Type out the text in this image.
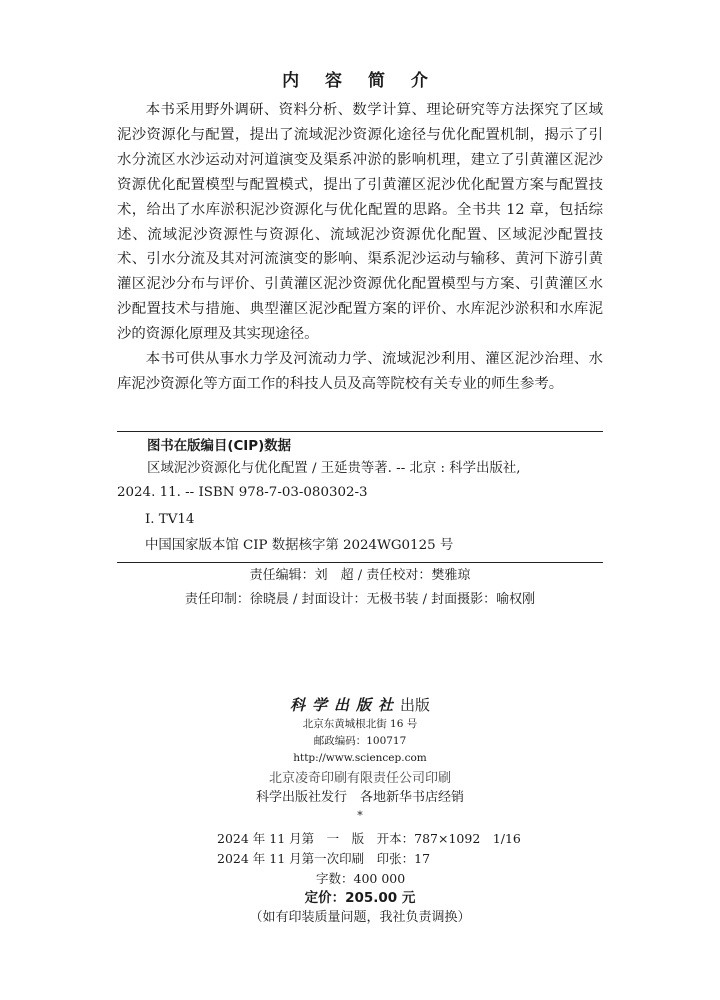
内 容 简 介

本书采用野外调研、资料分析、数学计算、理论研究等方法探究了区域泥沙资源化与配置，提出了流域泥沙资源化途径与优化配置机制，揭示了引水分流区水沙运动对河道演变及渠系冲淤的影响机理，建立了引黄灌区泥沙资源优化配置模型与配置模式，提出了引黄灌区泥沙优化配置方案与配置技术，给出了水库淤积泥沙资源化与优化配置的思路。全书共 12 章，包括综述、流域泥沙资源性与资源化、流域泥沙资源优化配置、区域泥沙配置技术、引水分流及其对河流演变的影响、渠系泥沙运动与输移、黄河下游引黄灌区泥沙分布与评价、引黄灌区泥沙资源优化配置模型与方案、引黄灌区水沙配置技术与措施、典型灌区泥沙配置方案的评价、水库泥沙淤积和水库泥沙的资源化原理及其实现途径。

本书可供从事水力学及河流动力学、流域泥沙利用、灌区泥沙治理、水库泥沙资源化等方面工作的科技人员及高等院校有关专业的师生参考。

图书在版编目(CIP)数据
区域泥沙资源化与优化配置 / 王延贵等著. -- 北京 : 科学出版社,
2024. 11. -- ISBN 978-7-03-080302-3
Ⅰ. TV14
中国国家版本馆 CIP 数据核字第 2024WG0125 号
责任编辑：刘　超 / 责任校对：樊雅琼
责任印制：徐晓晨 / 封面设计：无极书装 / 封面摄影：喻权刚
科学出版社出版
北京东黄城根北街 16 号
邮政编码：100717
http://www.sciencep.com
北京凌奇印刷有限责任公司印刷
科学出版社发行　各地新华书店经销
*
2024 年 11 月第　一　版　开本：787×1092　1/16
2024 年 11 月第一次印刷　印张：17
字数：400 000
定价：205.00 元
（如有印装质量问题，我社负责调换）
